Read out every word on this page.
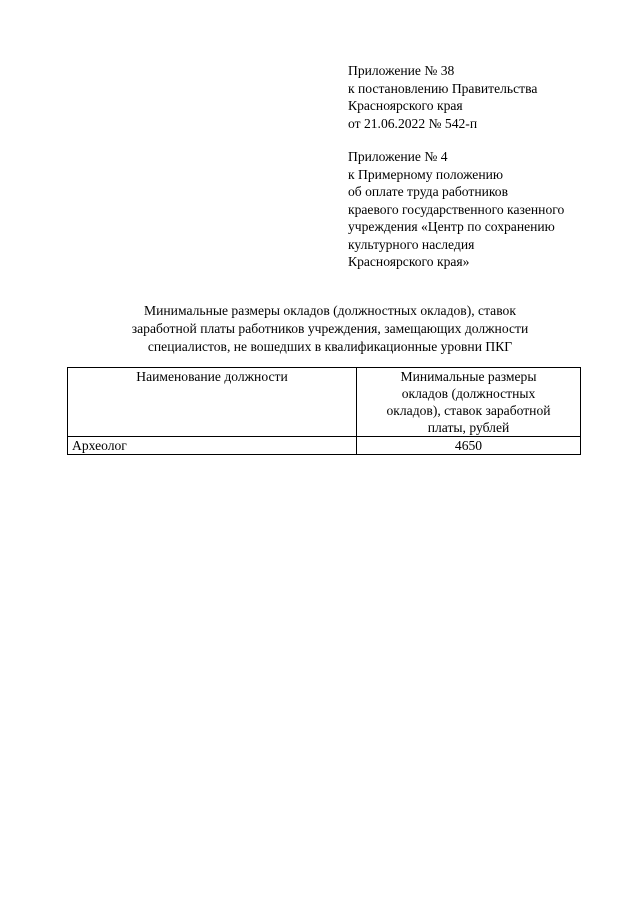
Приложение № 38
к постановлению Правительства
Красноярского края
от 21.06.2022 № 542-п
Приложение № 4
к Примерному положению
об оплате труда работников
краевого государственного казенного
учреждения «Центр по сохранению
культурного наследия
Красноярского края»
Минимальные размеры окладов (должностных окладов), ставок
заработной платы работников учреждения, замещающих должности
специалистов, не вошедших в квалификационные уровни ПКГ
Наименование должности	Минимальные размеры
окладов (должностных
окладов), ставок заработной
платы, рублей

Археолог	4650
